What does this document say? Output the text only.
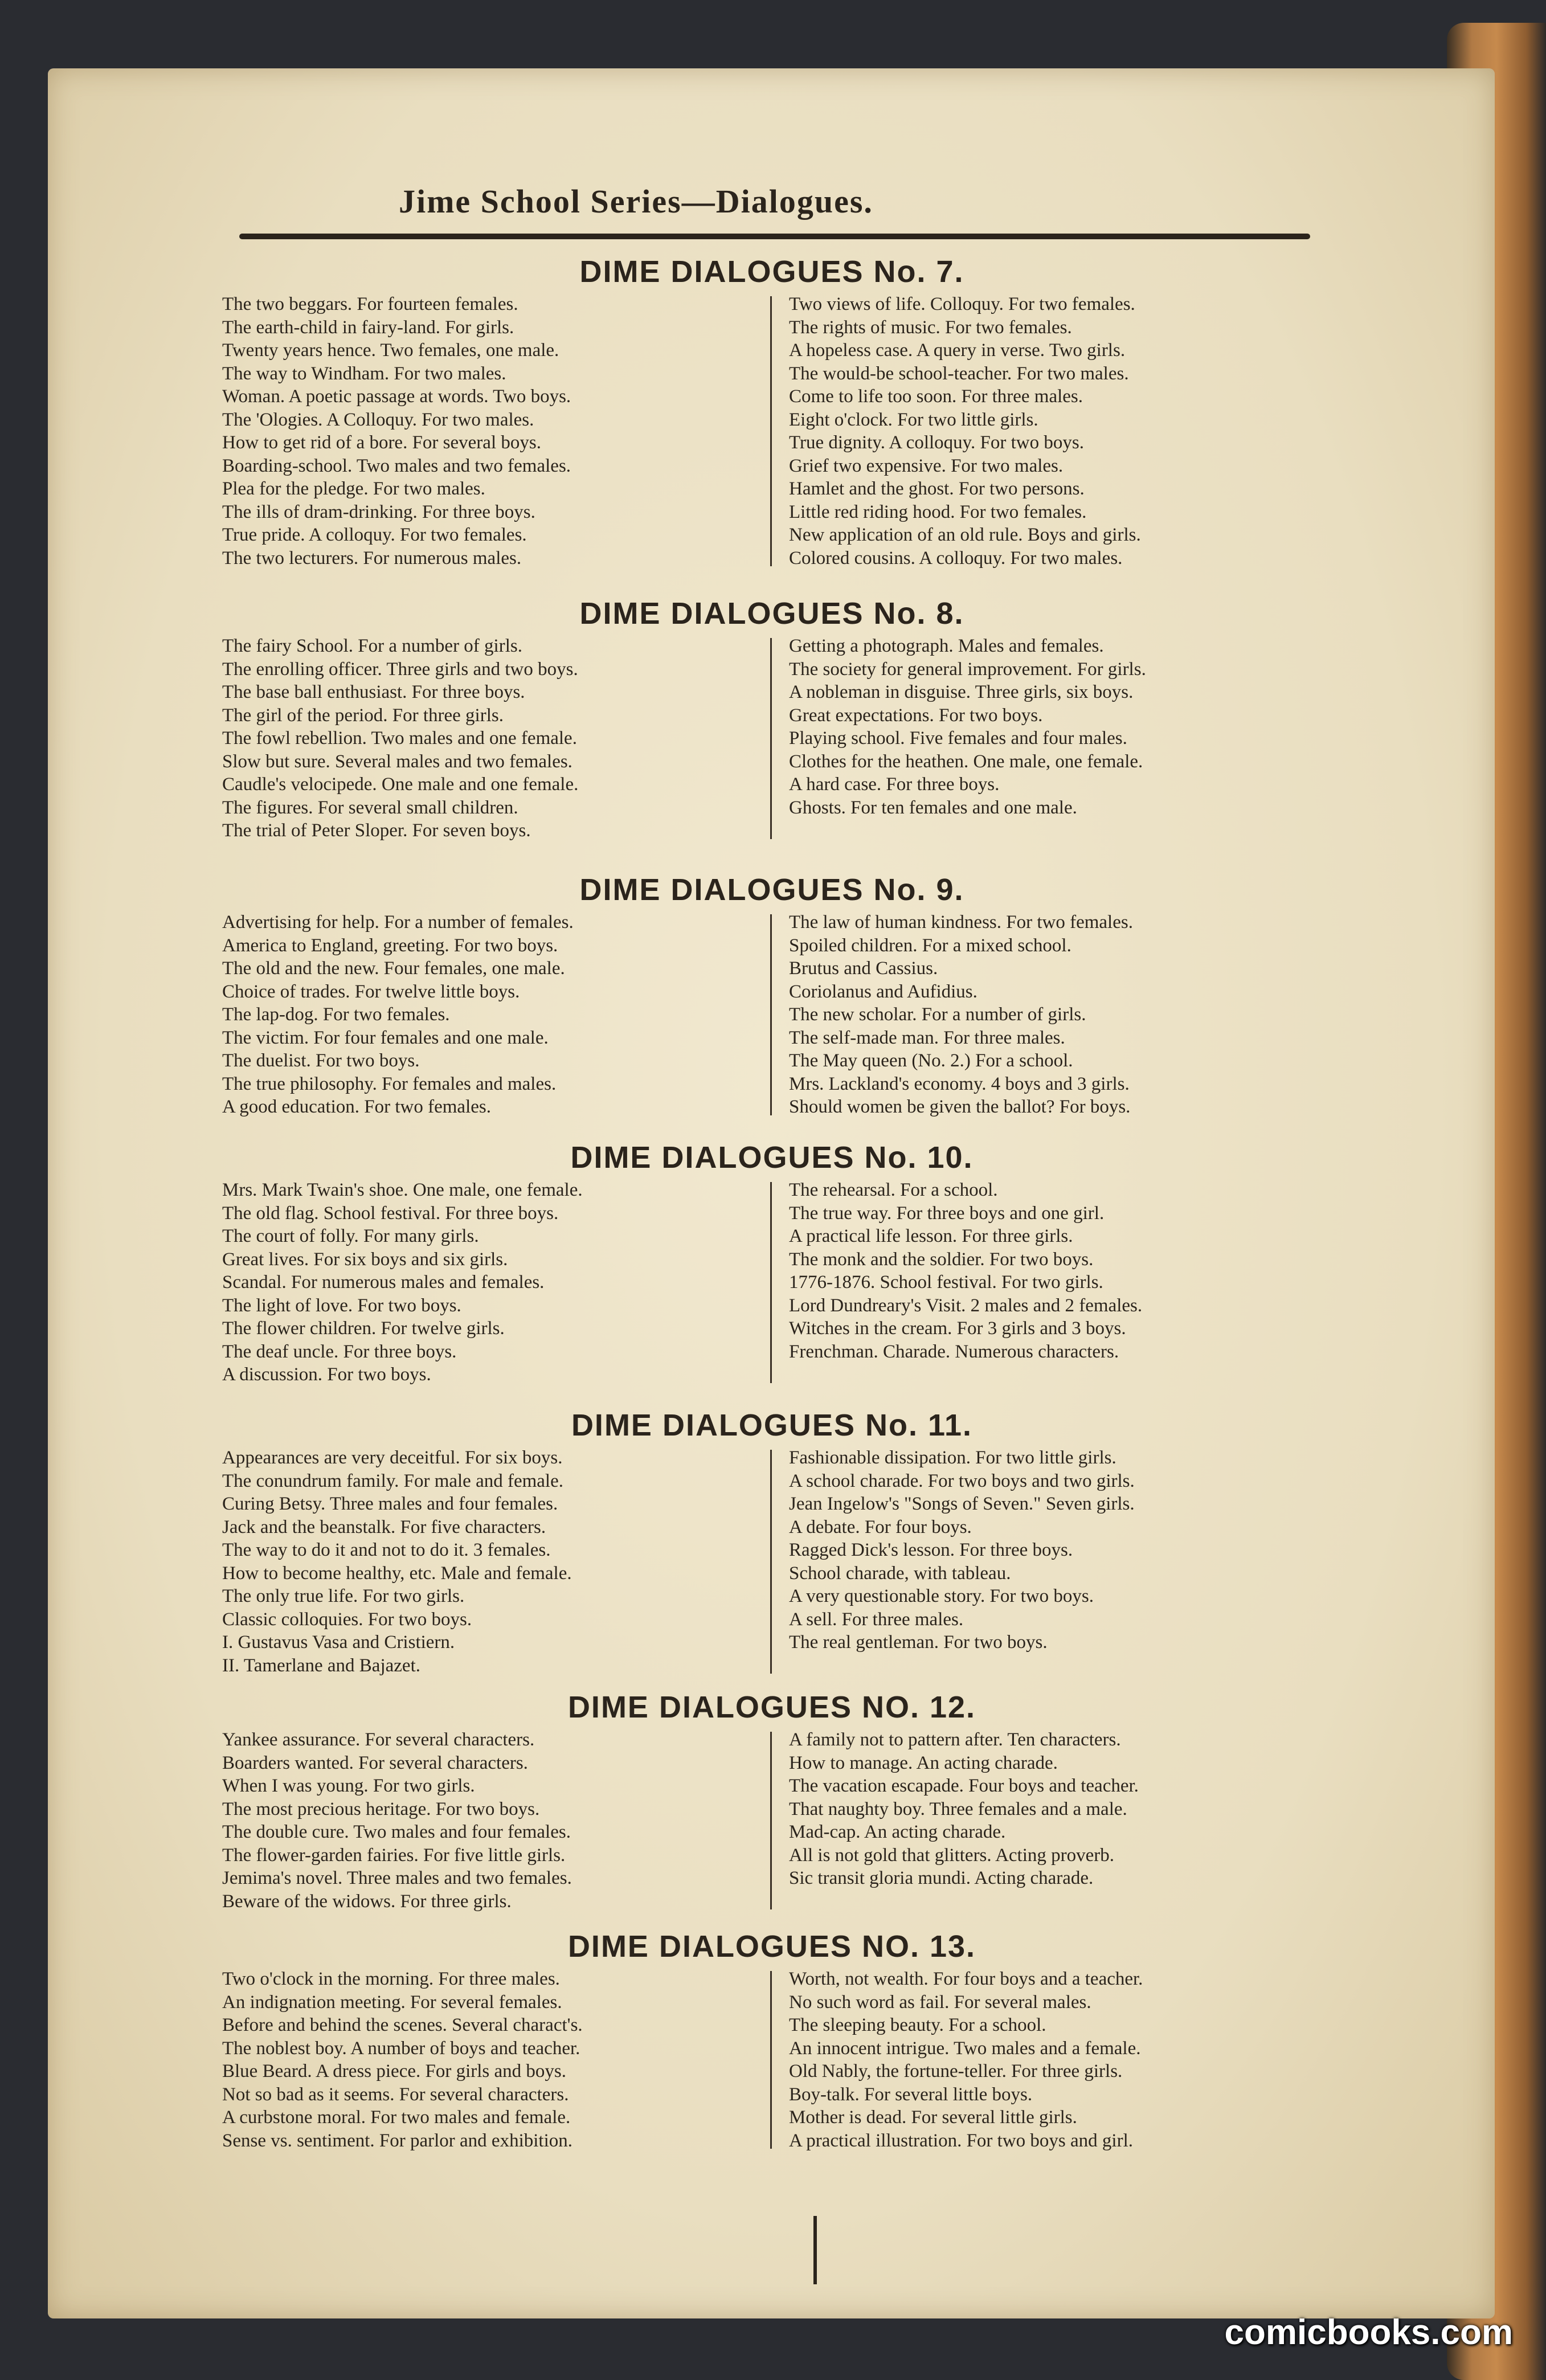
Jime School Series—Dialogues.
DIME DIALOGUES No. 7.
The two beggars. For fourteen females.
The earth-child in fairy-land. For girls.
Twenty years hence. Two females, one male.
The way to Windham. For two males.
Woman. A poetic passage at words. Two boys.
The 'Ologies. A Colloquy. For two males.
How to get rid of a bore. For several boys.
Boarding-school. Two males and two females.
Plea for the pledge. For two males.
The ills of dram-drinking. For three boys.
True pride. A colloquy. For two females.
The two lecturers. For numerous males.
Two views of life. Colloquy. For two females.
The rights of music. For two females.
A hopeless case. A query in verse. Two girls.
The would-be school-teacher. For two males.
Come to life too soon. For three males.
Eight o'clock. For two little girls.
True dignity. A colloquy. For two boys.
Grief two expensive. For two males.
Hamlet and the ghost. For two persons.
Little red riding hood. For two females.
New application of an old rule. Boys and girls.
Colored cousins. A colloquy. For two males.
DIME DIALOGUES No. 8.
The fairy School. For a number of girls.
The enrolling officer. Three girls and two boys.
The base ball enthusiast. For three boys.
The girl of the period. For three girls.
The fowl rebellion. Two males and one female.
Slow but sure. Several males and two females.
Caudle's velocipede. One male and one female.
The figures. For several small children.
The trial of Peter Sloper. For seven boys.
Getting a photograph. Males and females.
The society for general improvement. For girls.
A nobleman in disguise. Three girls, six boys.
Great expectations. For two boys.
Playing school. Five females and four males.
Clothes for the heathen. One male, one female.
A hard case. For three boys.
Ghosts. For ten females and one male.
DIME DIALOGUES No. 9.
Advertising for help. For a number of females.
America to England, greeting. For two boys.
The old and the new. Four females, one male.
Choice of trades. For twelve little boys.
The lap-dog. For two females.
The victim. For four females and one male.
The duelist. For two boys.
The true philosophy. For females and males.
A good education. For two females.
The law of human kindness. For two females.
Spoiled children. For a mixed school.
Brutus and Cassius.
Coriolanus and Aufidius.
The new scholar. For a number of girls.
The self-made man. For three males.
The May queen (No. 2.) For a school.
Mrs. Lackland's economy. 4 boys and 3 girls.
Should women be given the ballot? For boys.
DIME DIALOGUES No. 10.
Mrs. Mark Twain's shoe. One male, one female.
The old flag. School festival. For three boys.
The court of folly. For many girls.
Great lives. For six boys and six girls.
Scandal. For numerous males and females.
The light of love. For two boys.
The flower children. For twelve girls.
The deaf uncle. For three boys.
A discussion. For two boys.
The rehearsal. For a school.
The true way. For three boys and one girl.
A practical life lesson. For three girls.
The monk and the soldier. For two boys.
1776-1876. School festival. For two girls.
Lord Dundreary's Visit. 2 males and 2 females.
Witches in the cream. For 3 girls and 3 boys.
Frenchman. Charade. Numerous characters.
DIME DIALOGUES No. 11.
Appearances are very deceitful. For six boys.
The conundrum family. For male and female.
Curing Betsy. Three males and four females.
Jack and the beanstalk. For five characters.
The way to do it and not to do it. 3 females.
How to become healthy, etc. Male and female.
The only true life. For two girls.
Classic colloquies. For two boys.
I. Gustavus Vasa and Cristiern.
II. Tamerlane and Bajazet.
Fashionable dissipation. For two little girls.
A school charade. For two boys and two girls.
Jean Ingelow's "Songs of Seven." Seven girls.
A debate. For four boys.
Ragged Dick's lesson. For three boys.
School charade, with tableau.
A very questionable story. For two boys.
A sell. For three males.
The real gentleman. For two boys.
DIME DIALOGUES NO. 12.
Yankee assurance. For several characters.
Boarders wanted. For several characters.
When I was young. For two girls.
The most precious heritage. For two boys.
The double cure. Two males and four females.
The flower-garden fairies. For five little girls.
Jemima's novel. Three males and two females.
Beware of the widows. For three girls.
A family not to pattern after. Ten characters.
How to manage. An acting charade.
The vacation escapade. Four boys and teacher.
That naughty boy. Three females and a male.
Mad-cap. An acting charade.
All is not gold that glitters. Acting proverb.
Sic transit gloria mundi. Acting charade.
DIME DIALOGUES NO. 13.
Two o'clock in the morning. For three males.
An indignation meeting. For several females.
Before and behind the scenes. Several charact's.
The noblest boy. A number of boys and teacher.
Blue Beard. A dress piece. For girls and boys.
Not so bad as it seems. For several characters.
A curbstone moral. For two males and female.
Sense vs. sentiment. For parlor and exhibition.
Worth, not wealth. For four boys and a teacher.
No such word as fail. For several males.
The sleeping beauty. For a school.
An innocent intrigue. Two males and a female.
Old Nably, the fortune-teller. For three girls.
Boy-talk. For several little boys.
Mother is dead. For several little girls.
A practical illustration. For two boys and girl.
comicbooks.com
